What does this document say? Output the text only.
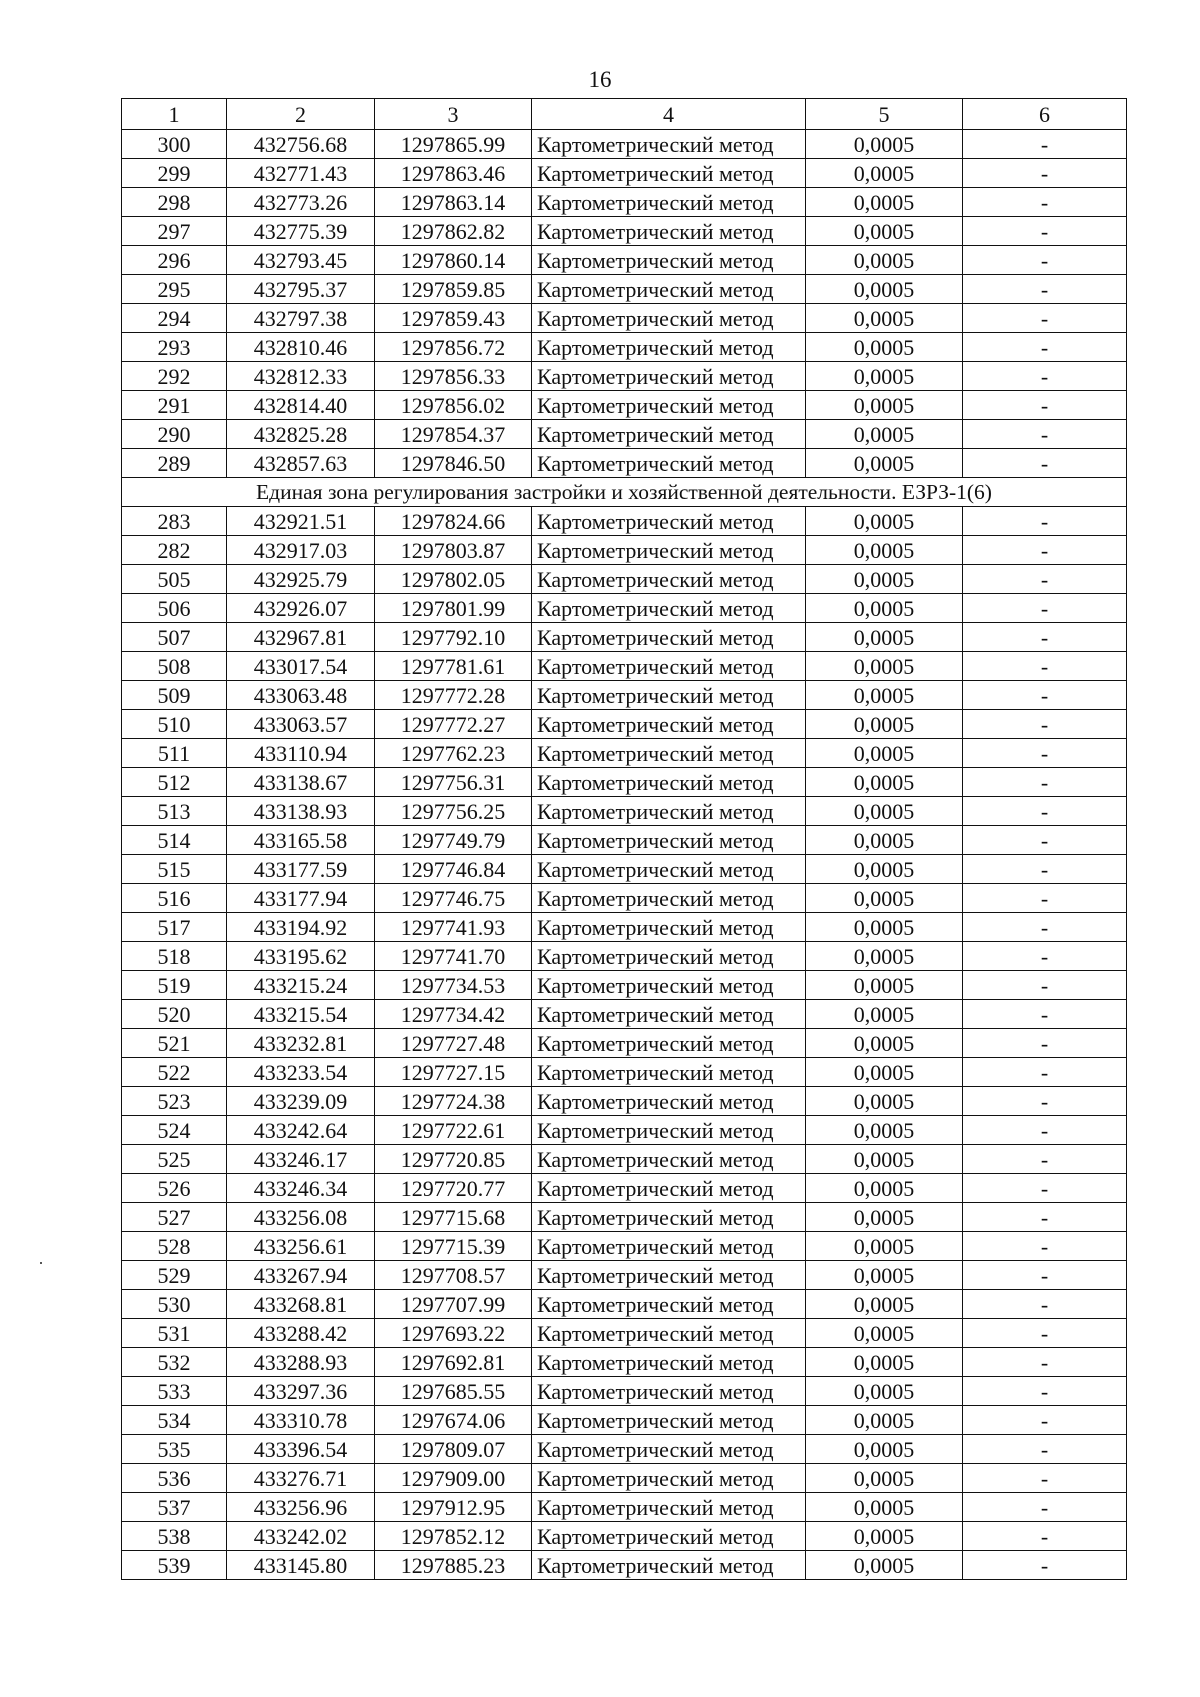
16
1	2	3	4	5	6
300	432756.68	1297865.99	Картометрический метод	0,0005	-
299	432771.43	1297863.46	Картометрический метод	0,0005	-
298	432773.26	1297863.14	Картометрический метод	0,0005	-
297	432775.39	1297862.82	Картометрический метод	0,0005	-
296	432793.45	1297860.14	Картометрический метод	0,0005	-
295	432795.37	1297859.85	Картометрический метод	0,0005	-
294	432797.38	1297859.43	Картометрический метод	0,0005	-
293	432810.46	1297856.72	Картометрический метод	0,0005	-
292	432812.33	1297856.33	Картометрический метод	0,0005	-
291	432814.40	1297856.02	Картометрический метод	0,0005	-
290	432825.28	1297854.37	Картометрический метод	0,0005	-
289	432857.63	1297846.50	Картометрический метод	0,0005	-
Единая зона регулирования застройки и хозяйственной деятельности. ЕЗРЗ-1(6)					
283	432921.51	1297824.66	Картометрический метод	0,0005	-
282	432917.03	1297803.87	Картометрический метод	0,0005	-
505	432925.79	1297802.05	Картометрический метод	0,0005	-
506	432926.07	1297801.99	Картометрический метод	0,0005	-
507	432967.81	1297792.10	Картометрический метод	0,0005	-
508	433017.54	1297781.61	Картометрический метод	0,0005	-
509	433063.48	1297772.28	Картометрический метод	0,0005	-
510	433063.57	1297772.27	Картометрический метод	0,0005	-
511	433110.94	1297762.23	Картометрический метод	0,0005	-
512	433138.67	1297756.31	Картометрический метод	0,0005	-
513	433138.93	1297756.25	Картометрический метод	0,0005	-
514	433165.58	1297749.79	Картометрический метод	0,0005	-
515	433177.59	1297746.84	Картометрический метод	0,0005	-
516	433177.94	1297746.75	Картометрический метод	0,0005	-
517	433194.92	1297741.93	Картометрический метод	0,0005	-
518	433195.62	1297741.70	Картометрический метод	0,0005	-
519	433215.24	1297734.53	Картометрический метод	0,0005	-
520	433215.54	1297734.42	Картометрический метод	0,0005	-
521	433232.81	1297727.48	Картометрический метод	0,0005	-
522	433233.54	1297727.15	Картометрический метод	0,0005	-
523	433239.09	1297724.38	Картометрический метод	0,0005	-
524	433242.64	1297722.61	Картометрический метод	0,0005	-
525	433246.17	1297720.85	Картометрический метод	0,0005	-
526	433246.34	1297720.77	Картометрический метод	0,0005	-
527	433256.08	1297715.68	Картометрический метод	0,0005	-
528	433256.61	1297715.39	Картометрический метод	0,0005	-
529	433267.94	1297708.57	Картометрический метод	0,0005	-
530	433268.81	1297707.99	Картометрический метод	0,0005	-
531	433288.42	1297693.22	Картометрический метод	0,0005	-
532	433288.93	1297692.81	Картометрический метод	0,0005	-
533	433297.36	1297685.55	Картометрический метод	0,0005	-
534	433310.78	1297674.06	Картометрический метод	0,0005	-
535	433396.54	1297809.07	Картометрический метод	0,0005	-
536	433276.71	1297909.00	Картометрический метод	0,0005	-
537	433256.96	1297912.95	Картометрический метод	0,0005	-
538	433242.02	1297852.12	Картометрический метод	0,0005	-
539	433145.80	1297885.23	Картометрический метод	0,0005	-
